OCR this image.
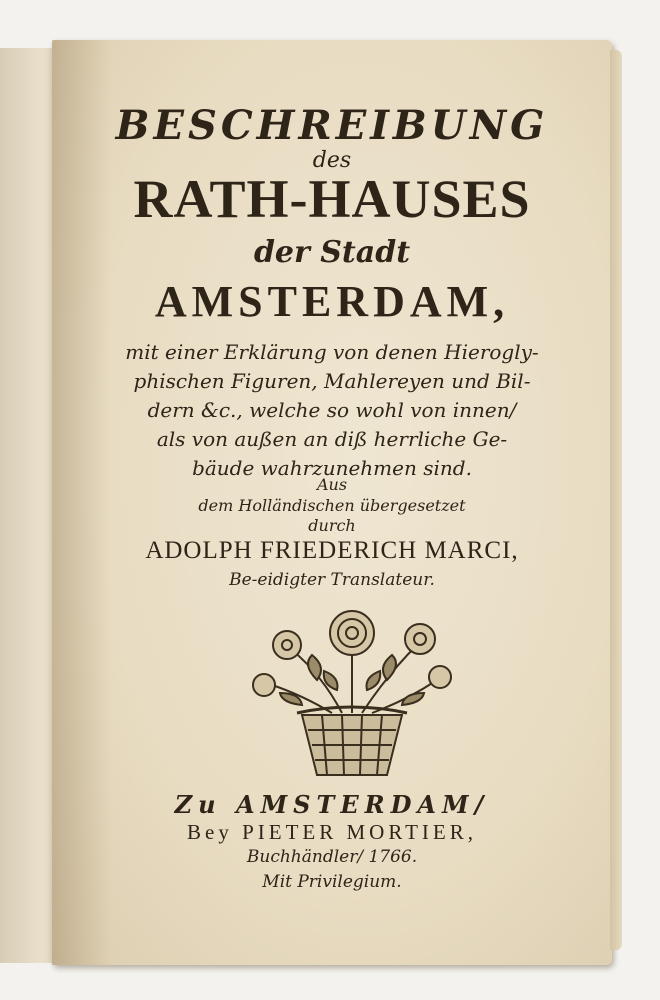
BESCHREIBUNG
des
RATH-HAUSES
der Stadt
AMSTERDAM,
mit einer Erklärung von denen Hierogly-
phischen Figuren, Mahlereyen und Bil-
dern &c., welche so wohl von innen/
als von außen an diß herrliche Ge-
bäude wahrzunehmen sind.
Aus
dem Holländischen übergesetzet
durch
ADOLPH FRIEDERICH MARCI,
Be-eidigter Translateur.
Zu AMSTERDAM/
Bey PIETER MORTIER,
Buchhändler/ 1766.
Mit Privilegium.
